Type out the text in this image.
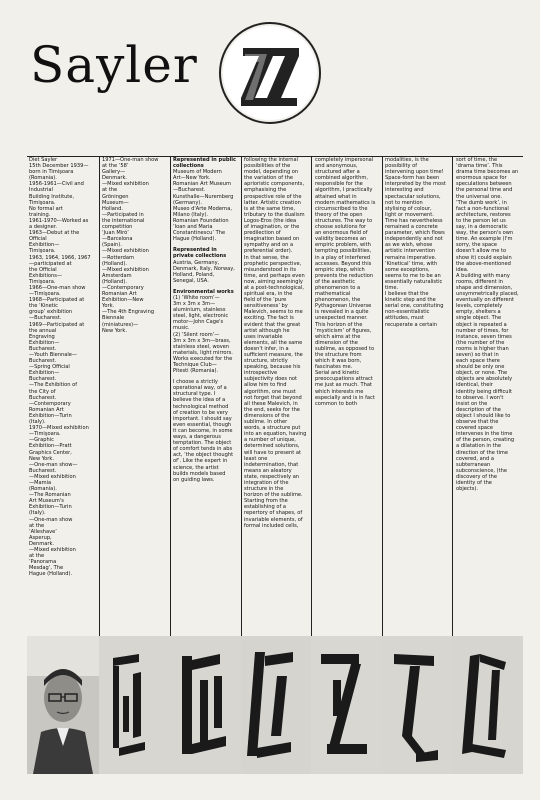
Sayler

Diet Sayler
15th December 1939—
born in Timişoara
(Romania).
1956-1961—Civil and
Industrial
Building Institute,
Timişoara.
No formal art
training.
1961-1970—Worked as
a designer.
1963—Debut at the
Official
Exhibition—
Timişoara.
1963, 1964, 1966, 1967
—participated at
the Official
Exhibitions—
Timişoara.
1966—One-man show
—Timişoara.
1968—Participated at
the ‘Kinetic
group’ exhibition
—Bucharest.
1969—Participated at
the annual
Engraving
Exhibition—
Bucharest.
—Youth Biennale—
Bucharest.
—Spring Official
Exhibition—
Bucharest.
—The Exhibition of
the City of
Bucharest.
—Contemporary
Romanian Art
Exhibition—Turin
(Italy).
1970—Mixed exhibition
—Timişoara.
—Graphic
Exhibition—Pratt
Graphics Center,
New York.
—One-man show—
Bucharest.
—Mixed exhibition
—Mamia
(Romania).
—The Romanian
Art Museum's
Exhibition—Turin
(Italy).
—One-man show
at the
‘Alleshave’
Asperup,
Denmark.
—Mixed exhibition
at the
‘Panorama
Mesdag’, The
Hague (Holland).

1971—One-man show
at the ‘58’
Gallery—
Denmark.
—Mixed exhibition
at the
Gröningen
Museum—
Holland.
—Participated in
the international
competition
‘Juan Miró’
—Barcelona
(Spain).
—Mixed exhibition
—Rotterdam
(Holland).
—Mixed exhibition
Amsterdam
(Holland).
—Contemporary
Romanian Art
Exhibition—New
York.
—The 4th Engraving
Biennale
(miniatures)—
New York.

Represented in public collections

Museum of Modern
Art—New York.
Romanian Art Museum
—Bucharest.
Kunsthalle—Nuremberg
(Germany).
Museo d'Arte Moderna,
Milano (Italy).
Romanian Foundation
‘Ioan and Maria
Constantinescu’ The
Hague (Holland).

Represented in private collections

Austria, Germany,
Denmark, Italy, Norway,
Holland, Poland,
Senegal, USA.

Environmental works

(1) ‘White room’—
3m x 3m x 3m—
aluminium, stainless
steel, light, electronic
motor—John Cage's
music.
(2) ‘Silent room’—
3m x 3m x 3m—brass,
stainless steel, woven
materials, light mirrors.
Works executed for the
Technique Club—
Pitesti (Romania).

I choose a strictly
operational way, of a
structural type. I
believe the idea of a
technological method
of creation to be very
important. I should say
even essential, though
it can become, in some
ways, a dangerous
temptation. The object
of comfort tends in abs
act, ‘the object thought
of’. Like the expert in
science, the artist
builds models based
on guiding laws.

following the internal
possibilities of the
model, depending on
the variation of the
aprioristic components,
emphasising the
prospective role of the
latter. Artistic creation
is at the same time,
tributary to the dualism
Logos-Eros (the idea
of imagination, or the
predilection of
imagination based on
sympathy and on a
preferential order).
In that sense, the
prophetic perspective,
misunderstood in its
time, and perhaps even
now, aiming seemingly
at a post-technological,
spiritual era, in the
field of the ‘pure
sensitiveness’ by
Malevich, seems to me
exciting. The fact is
evident that the great
artist although he
uses invariable
elements, all the same
doesn't infer, in a
sufficient measure, the
structure, strictly
speaking, because his
introspective
subjectivity does not
allow him to find
algorithm, one must
not forget that beyond
all these Malevich, in
the end, seeks for the
dimensions of the
sublime. In other
words, a structure put
into an equation, having
a number of unique,
determined solutions,
will have to present at
least one
indetermination, that
means an aleatory
state, respectively an
integration of the
structure in the
horizon of the sublime.
Starting from the
establishing of a
repertory of shapes, of
invariable elements, of
formal included cells,

completely impersonal
and anonymous,
structured after a
combined algorithm,
responsible for the
algorithm, I practically
attained what in
modern mathematics is
circumscribed to the
theory of the open
structures. The way to
choose solutions for
an enormous field of
validity becomes an
empiric problem, with
tempting possibilities,
in a play of interfered
accesses. Beyond this
empiric step, which
prevents the reduction
of the aesthetic
phenomenon to a
mathematical
phenomenon, the
Pythagorean Universe
is revealed in a quite
unexpected manner.
This horizon of the
‘mysticism’ of figures,
which aims at the
dimension of the
sublime, as opposed to
the structure from
which it was born,
fascinates me.
Serial and kinetic
preoccupations attract
me just as much. That
which interests me
especially and is in fact
common to both

modalities, is the
possibility of
intervening upon time!
Space-form has been
interpreted by the most
interesting and
spectacular solutions,
not to mention
stylising of colour,
light or movement.
Time has nevertheless
remained a concrete
parameter, which flows
independently and not
as we wish, whose
artistic intervention
remains imperative.
‘Kinetical’ time, with
some exceptions,
seems to me to be an
essentially naturalistic
time.
I believe that the
kinetic step and the
serial one, constituting
non-essentialistic
attitudes, must
recuperate a certain

sort of time, the
‘drama time’. This
drama time becomes an
enormous space for
speculations between
the personal time and
the universal one.
‘The dumb work’, in
fact a non-functional
architecture, restores
to the person let us
say, in a democratic
way, the person's own
time. An example (I'm
sorry, the space
doesn't allow me to
show it) could explain
the above-mentioned
idea.
A building with many
rooms, different in
shape and dimension,
unsymmetrically placed,
eventually on different
levels, completely
empty, shelters a
single object. The
object is repeated a
number of times, for
instance, seven times
(the number of the
rooms is higher than
seven) so that in
each space there
should be only one
object, or none. The
objects are absolutely
identical, their
identity being difficult
to observe. I won't
insist on the
description of the
object I should like to
observe that the
covered space
intervenes in the time
of the person, creating
a dilatation in the
direction of the time
covered, and a
subterranean
subconscience, (the
discovery of the
identity of the
objects).
